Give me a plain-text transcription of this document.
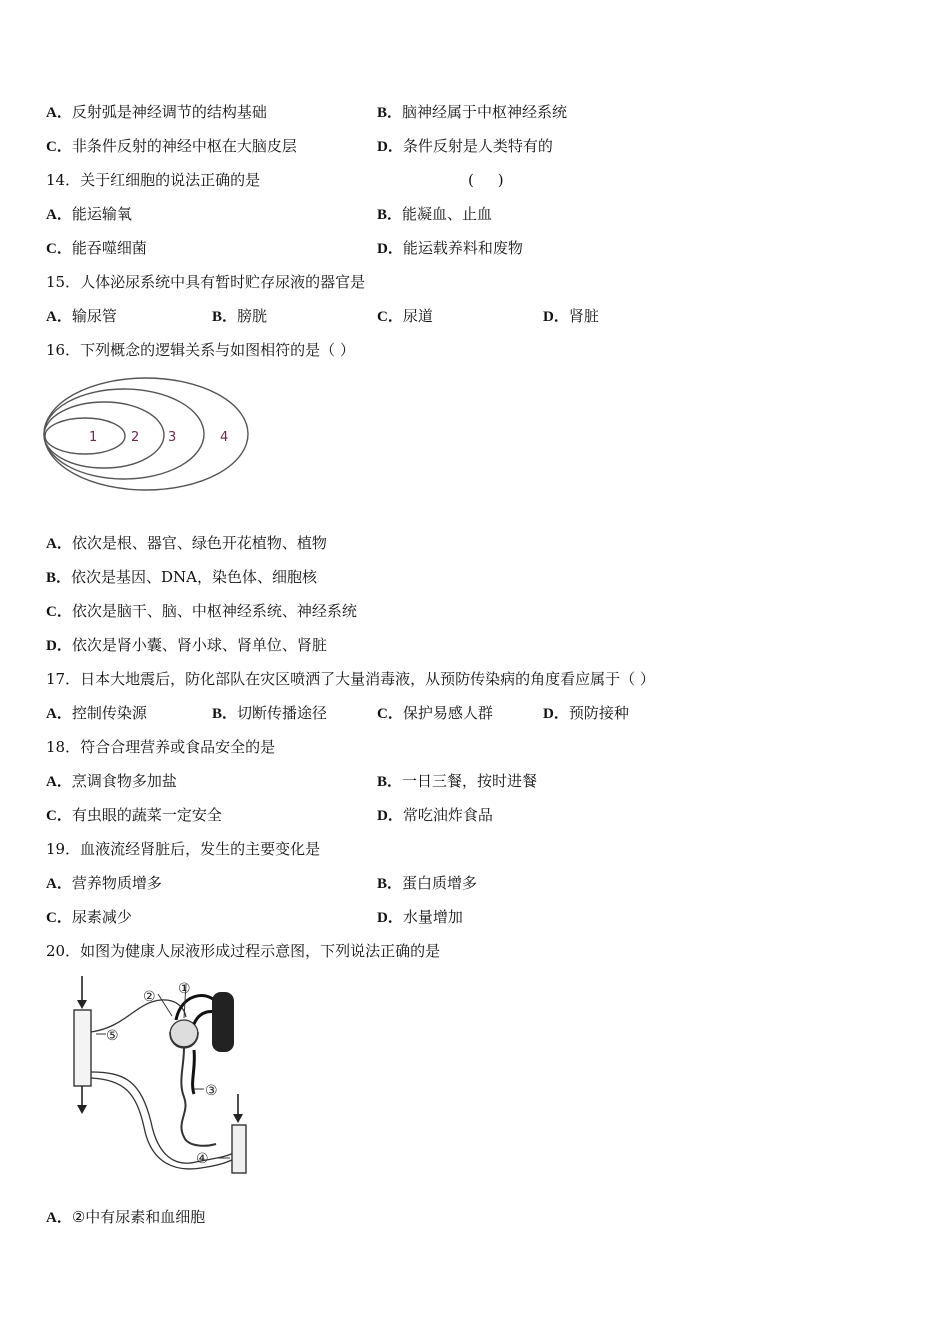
A．反射弧是神经调节的结构基础	B．脑神经属于中枢神经系统
C．非条件反射的神经中枢在大脑皮层	D．条件反射是人类特有的
14．关于红细胞的说法正确的是	(     )
A．能运输氧	B．能凝血、止血
C．能吞噬细菌	D．能运载养料和废物
15．人体泌尿系统中具有暂时贮存尿液的器官是
A．输尿管	B．膀胱	C．尿道	D．肾脏
16．下列概念的逻辑关系与如图相符的是（ ）
1	2 3	4
A．依次是根、器官、绿色开花植物、植物
B．依次是基因、DNA，染色体、细胞核
C．依次是脑干、脑、中枢神经系统、神经系统
D．依次是肾小囊、肾小球、肾单位、肾脏
17．日本大地震后，防化部队在灾区喷洒了大量消毒液，从预防传染病的角度看应属于（ ）
A．控制传染源	B．切断传播途径	C．保护易感人群	D．预防接种
18．符合合理营养或食品安全的是
A．烹调食物多加盐	B．一日三餐，按时进餐
C．有虫眼的蔬菜一定安全	D．常吃油炸食品
19．血液流经肾脏后，发生的主要变化是
A．营养物质增多	B．蛋白质增多
C．尿素减少	D．水量增加
20．如图为健康人尿液形成过程示意图，下列说法正确的是
①
②
③
④
⑤
A．②中有尿素和血细胞
